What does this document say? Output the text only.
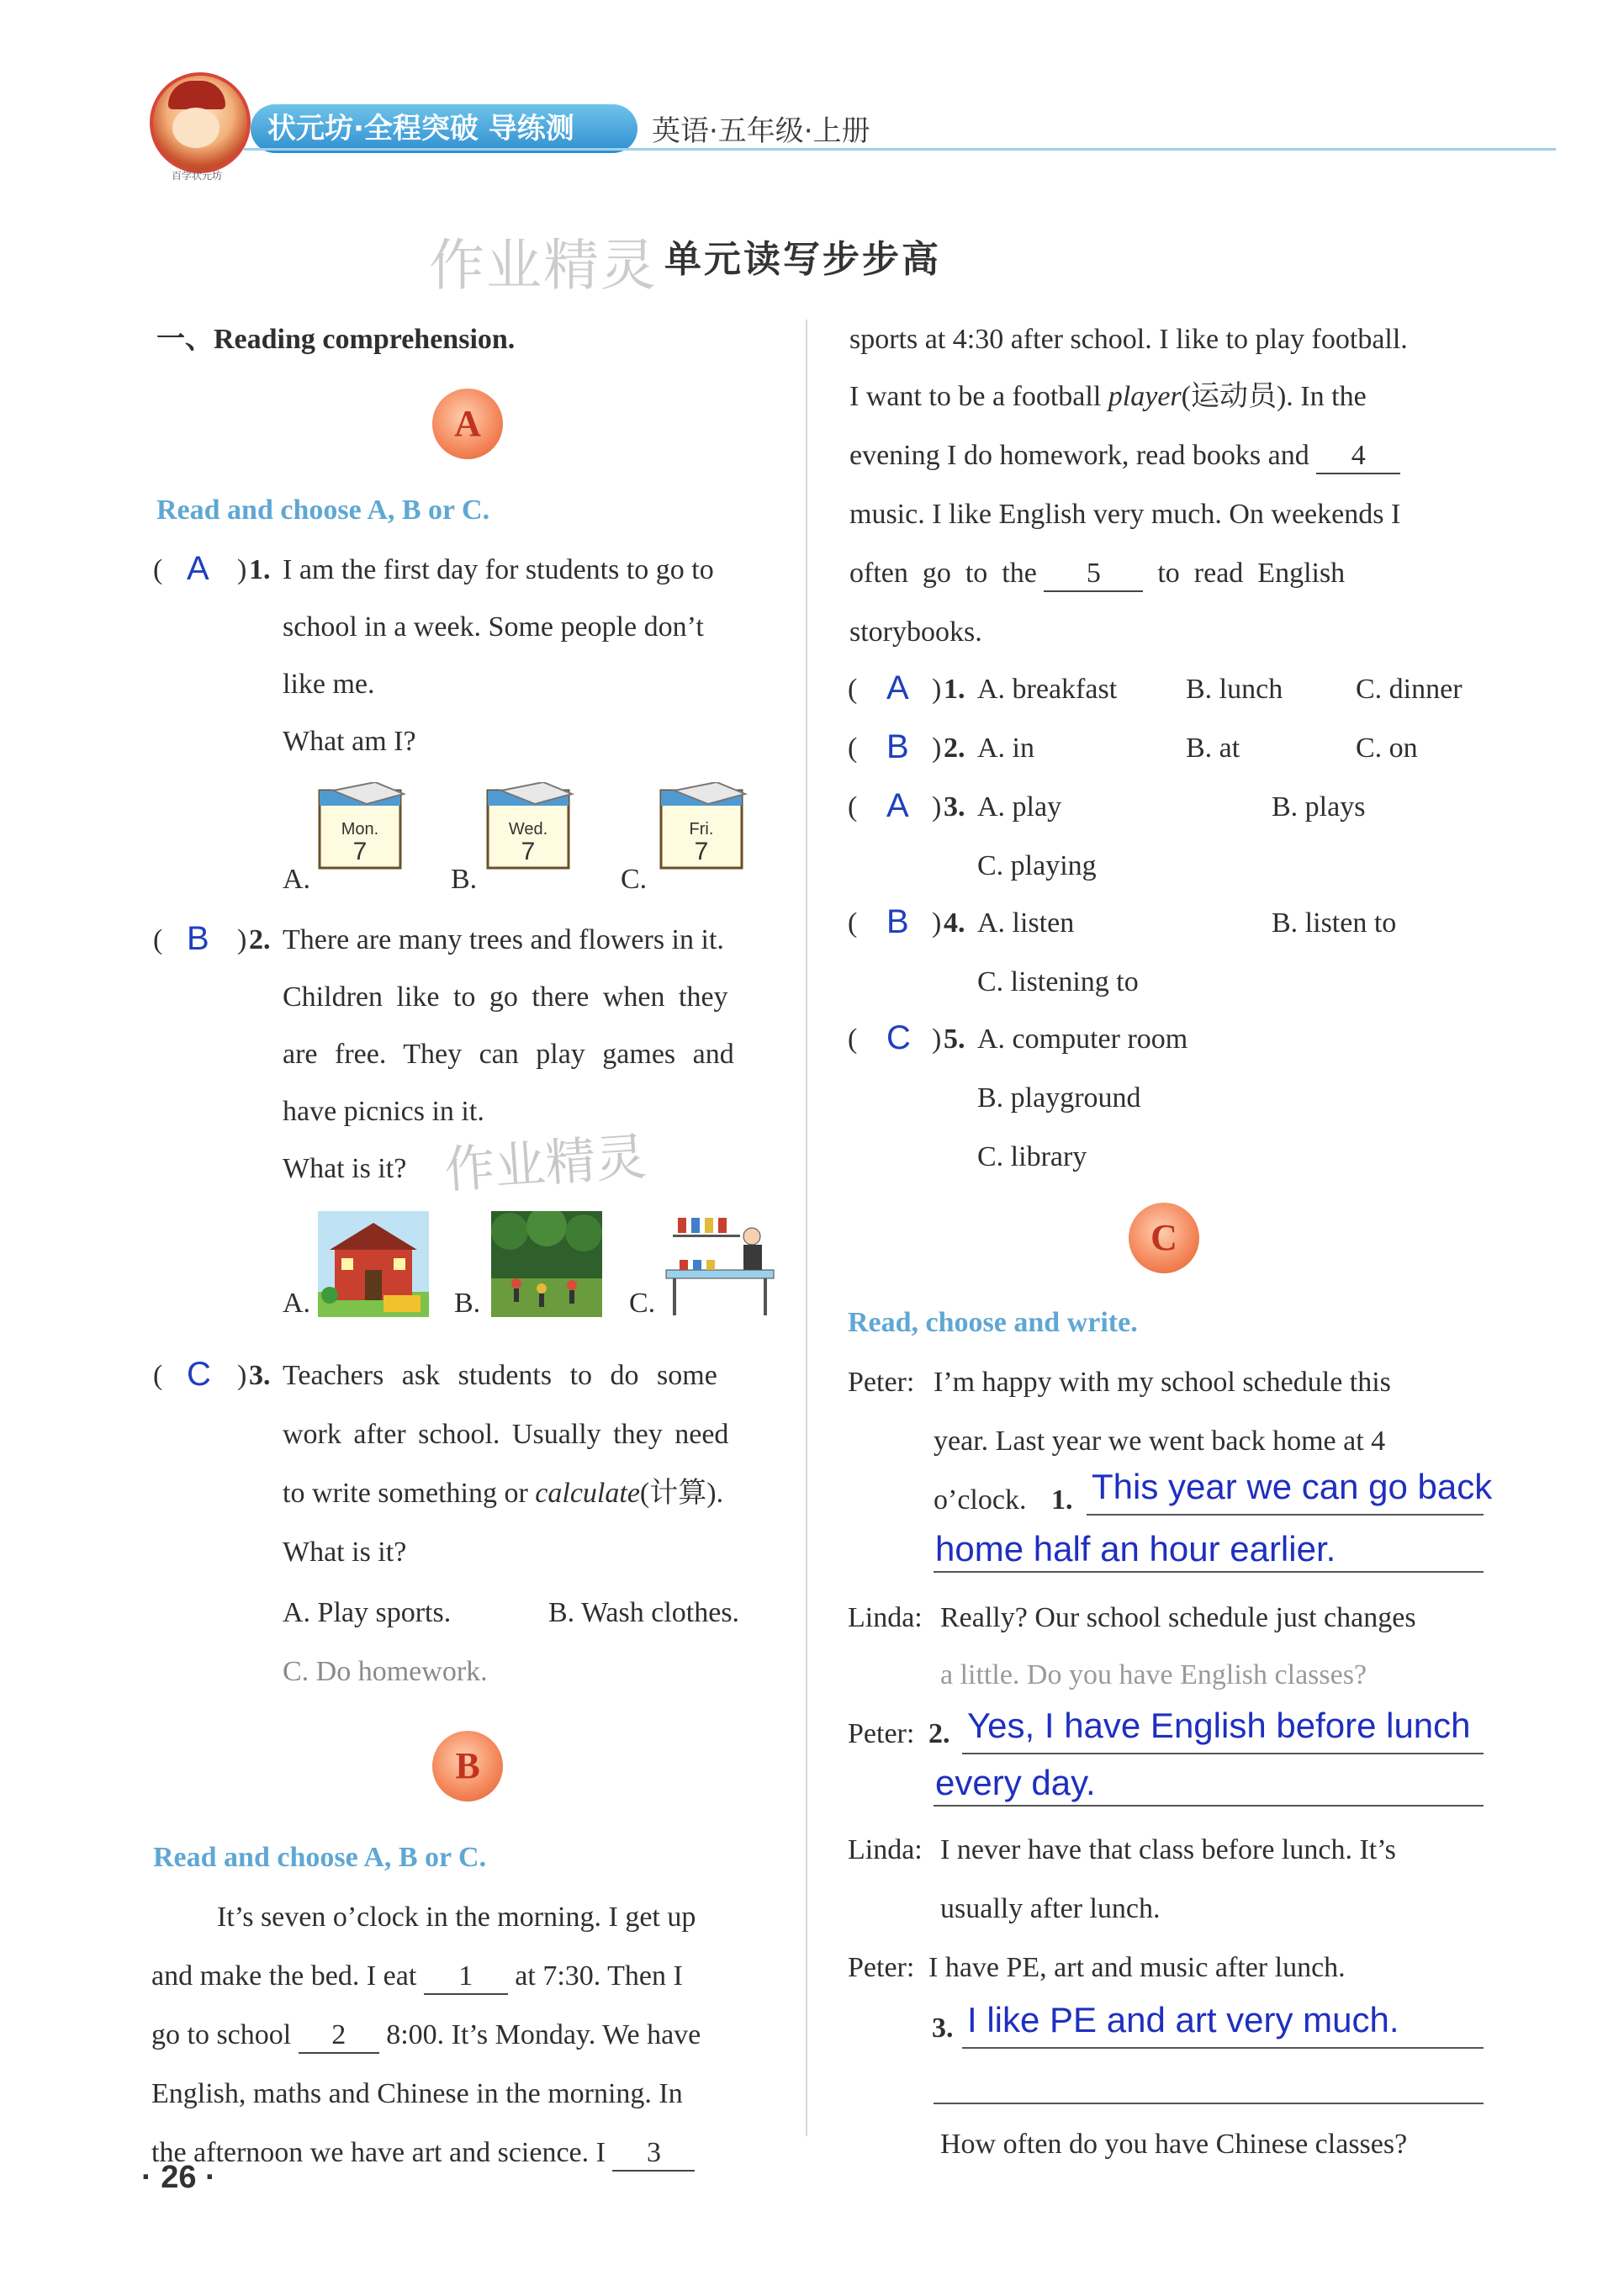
百学状元坊
状元坊·全程突破 导练测	英语·五年级·上册
作业精灵 单元读写步步高
一、Reading comprehension.
A
Read and choose A, B or C.
( A ) 1. I am the first day for students to go to
school in a week. Some people don’t
like me.
What am I?
A.
Mon.
7
B.
Wed.
7
C.
Fri.
7
( B ) 2. There are many trees and flowers in it.
Children like to go there when they
are free. They can play games and
have picnics in it.
What is it? 作业精灵
A.	B.	C.
( C ) 3. Teachers ask students to do some
work after school. Usually they need
to write something or calculate(计算).
What is it?
A. Play sports.	B. Wash clothes.
C. Do homework.
B
Read and choose A, B or C.
It’s seven o’clock in the morning. I get up
and make the bed. I eat 1 at 7:30. Then I
go to school 2 8:00. It’s Monday. We have
English, maths and Chinese in the morning. In
the afternoon we have art and science. I 3
· 26 ·
sports at 4:30 after school. I like to play football.
I want to be a football player(运动员). In the
evening I do homework, read books and 4
music. I like English very much. On weekends I
often  go  to  the 5  to  read  English
storybooks.
( A ) 1. A. breakfast B. lunch	C. dinner
( B ) 2. A. in	B. at	C. on
( A ) 3. A. play	B. plays
C. playing
( B ) 4. A. listen	B. listen to
C. listening to
( C ) 5. A. computer room
B. playground
C. library
C
Read, choose and write.
Peter: I’m happy with my school schedule this
year. Last year we went back home at 4
o’clock. 1. This year we can go back
home half an hour earlier.
Linda: Really? Our school schedule just changes
a little. Do you have English classes?
Peter: 2. Yes, I have English before lunch
every day.
Linda: I never have that class before lunch. It’s
usually after lunch.
Peter: I have PE, art and music after lunch.
3. I like PE and art very much.
How often do you have Chinese classes?
